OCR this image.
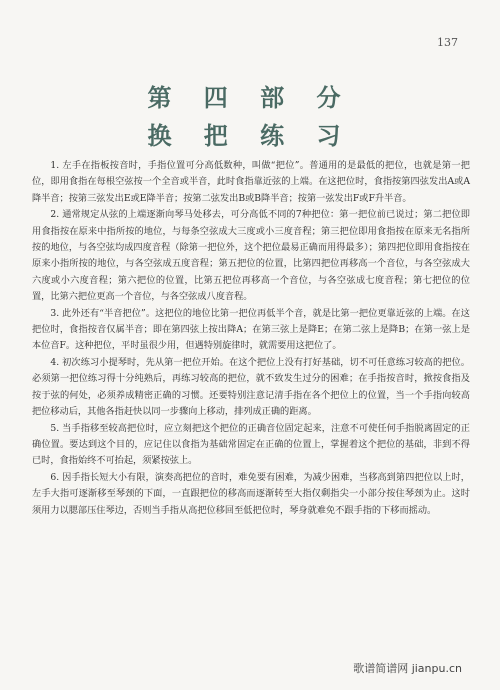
137
第 四 部 分
换 把 练 习

1. 左手在指板按音时，手指位置可分高低数种，叫做“把位”。普通用的是最低的把位，也就是第一把位，即用食指在每根空弦按一个全音或半音，此时食指靠近弦的上端。在这把位时，食指按第四弦发出A或A降半音；按第三弦发出E或E降半音；按第二弦发出B或B降半音；按第一弦发出F或F升半音。

2. 通常规定从弦的上端逐渐向琴马处移去，可分高低不同的7种把位：第一把位前已说过；第二把位即用食指按在原来中指所按的地位，与每条空弦成大三度或小三度音程；第三把位即用食指按在原来无名指所按的地位，与各空弦均成四度音程（除第一把位外，这个把位最易正确而用得最多）；第四把位即用食指按在原来小指所按的地位，与各空弦成五度音程；第五把位的位置，比第四把位再移高一个音位，与各空弦成大六度或小六度音程；第六把位的位置，比第五把位再移高一个音位，与各空弦成七度音程；第七把位的位置，比第六把位更高一个音位，与各空弦成八度音程。

3. 此外还有“半音把位”。这把位的地位比第一把位再低半个音，就是比第一把位更靠近弦的上端。在这把位时，食指按音仅属半音；即在第四弦上按出降A；在第三弦上是降E；在第二弦上是降B；在第一弦上是本位音F。这种把位，平时虽很少用，但遇特别旋律时，就需要用这把位了。

4. 初次练习小提琴时，先从第一把位开始。在这个把位上没有打好基础，切不可任意练习较高的把位。必须第一把位练习得十分纯熟后，再练习较高的把位，就不致发生过分的困难；在手指按音时，掀按食指及按于弦的何处，必须养成精密正确的习惯。还要特别注意记清手指在各个把位上的位置，当一个手指向较高把位移动后，其他各指赶快以同一步骤向上移动，排列成正确的距离。

5. 当手指移至较高把位时，应立刻把这个把位的正确音位固定起来，注意不可使任何手指脱离固定的正确位置。要达到这个目的，应记住以食指为基础常固定在正确的位置上，掌握着这个把位的基础，非到不得已时，食指始终不可抬起，须紧按弦上。

6. 因手指长短大小有限，演奏高把位的音时，难免要有困难，为减少困难，当移高到第四把位以上时，左手大指可逐渐移至琴颈的下面，一直跟把位的移高而逐渐转至大指仅剩指尖一小部分按住琴颈为止。这时须用力以腮部压住琴边，否则当手指从高把位移回至低把位时，琴身就难免不跟手指的下移而摇动。

歌谱简谱网 jianpu.cn
